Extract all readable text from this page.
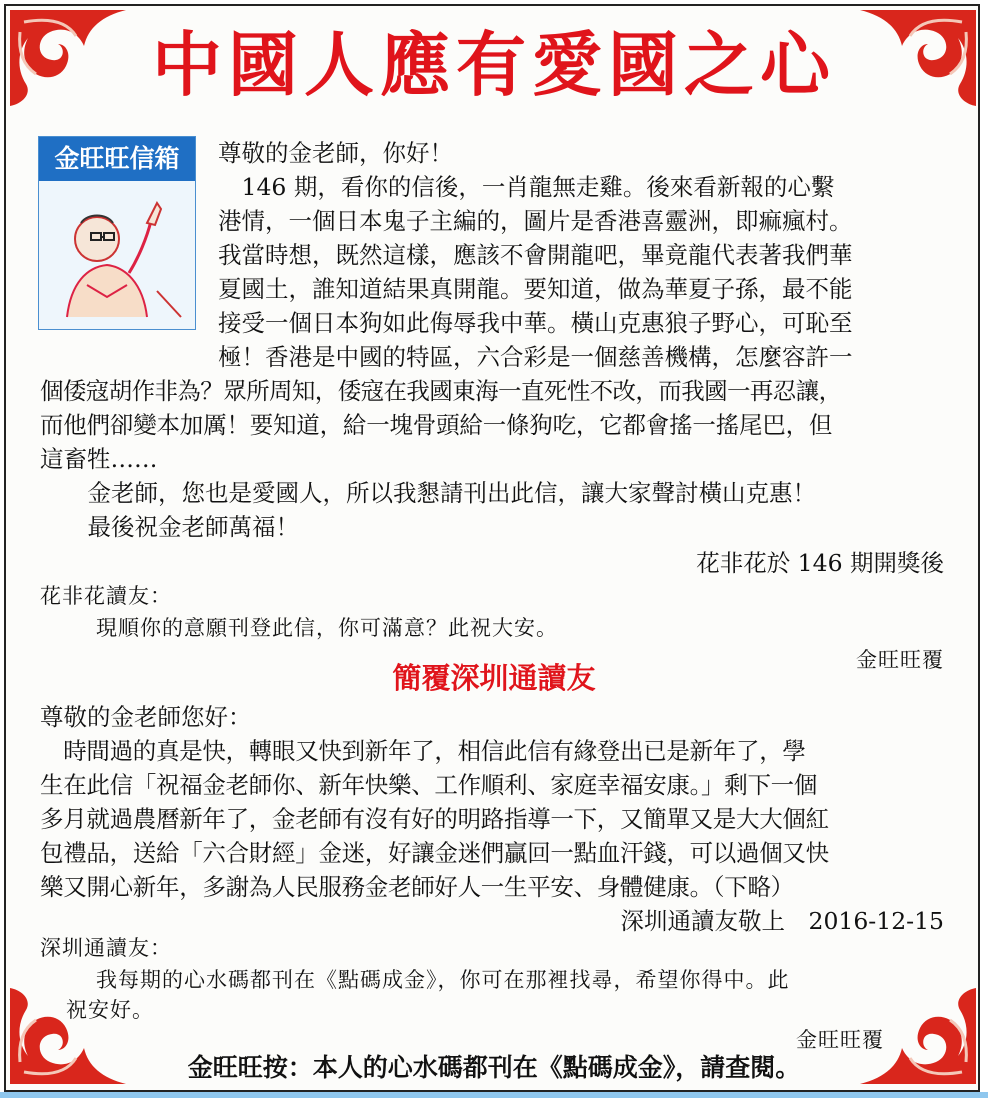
中國人應有愛國之心
金旺旺信箱	尊敬的金老師，你好！
　146 期，看你的信後，一肖龍無走雞。後來看新報的心繫
港情，一個日本鬼子主編的，圖片是香港喜靈洲，即痲瘋村。
我當時想，既然這樣，應該不會開龍吧，畢竟龍代表著我們華
夏國土，誰知道結果真開龍。要知道，做為華夏子孫，最不能
接受一個日本狗如此侮辱我中華。橫山克惠狼子野心，可恥至
極！香港是中國的特區，六合彩是一個慈善機構，怎麼容許一
個倭寇胡作非為？眾所周知，倭寇在我國東海一直死性不改，而我國一再忍讓，
而他們卻變本加厲！要知道，給一塊骨頭給一條狗吃，它都會搖一搖尾巴，但
這畜牲……
　金老師，您也是愛國人，所以我懇請刊出此信，讓大家聲討橫山克惠！
　最後祝金老師萬福！
花非花於 146 期開獎後
花非花讀友：
現順你的意願刊登此信，你可滿意？此祝大安。
金旺旺覆
簡覆深圳通讀友
尊敬的金老師您好：
　時間過的真是快，轉眼又快到新年了，相信此信有緣登出已是新年了，學
生在此信「祝福金老師你、新年快樂、工作順利、家庭幸福安康。」剩下一個
多月就過農曆新年了，金老師有沒有好的明路指導一下，又簡單又是大大個紅
包禮品，送給「六合財經」金迷，好讓金迷們贏回一點血汗錢，可以過個又快
樂又開心新年，多謝為人民服務金老師好人一生平安、身體健康。（下略）
深圳通讀友敬上　2016-12-15
深圳通讀友：
我每期的心水碼都刊在《點碼成金》，你可在那裡找尋，希望你得中。此
祝安好。
金旺旺覆
金旺旺按：本人的心水碼都刊在《點碼成金》，請查閱。
